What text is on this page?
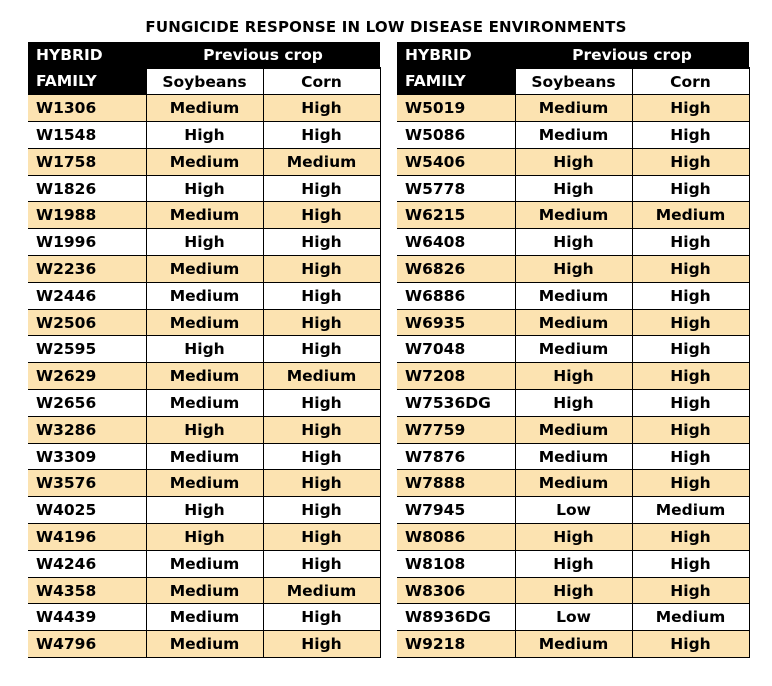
FUNGICIDE RESPONSE IN LOW DISEASE ENVIRONMENTS
HYBRID	Previous crop	
FAMILY	Soybeans	Corn
W1306	Medium	High
W1548	High	High
W1758	Medium	Medium
W1826	High	High
W1988	Medium	High
W1996	High	High
W2236	Medium	High
W2446	Medium	High
W2506	Medium	High
W2595	High	High
W2629	Medium	Medium
W2656	Medium	High
W3286	High	High
W3309	Medium	High
W3576	Medium	High
W4025	High	High
W4196	High	High
W4246	Medium	High
W4358	Medium	Medium
W4439	Medium	High
W4796	Medium	High
HYBRID	Previous crop	
FAMILY	Soybeans	Corn
W5019	Medium	High
W5086	Medium	High
W5406	High	High
W5778	High	High
W6215	Medium	Medium
W6408	High	High
W6826	High	High
W6886	Medium	High
W6935	Medium	High
W7048	Medium	High
W7208	High	High
W7536DG	High	High
W7759	Medium	High
W7876	Medium	High
W7888	Medium	High
W7945	Low	Medium
W8086	High	High
W8108	High	High
W8306	High	High
W8936DG	Low	Medium
W9218	Medium	High
